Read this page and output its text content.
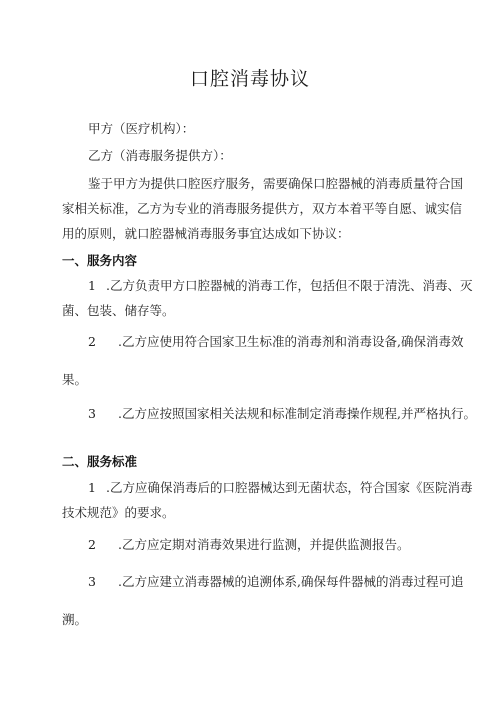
口腔消毒协议
甲方（医疗机构）：
乙方（消毒服务提供方）：
鉴于甲方为提供口腔医疗服务，需要确保口腔器械的消毒质量符合国
家相关标准，乙方为专业的消毒服务提供方，双方本着平等自愿、诚实信
用的原则，就口腔器械消毒服务事宜达成如下协议：
一、服务内容
1 .乙方负责甲方口腔器械的消毒工作，包括但不限于清洗、消毒、灭
菌、包装、储存等。
2 .乙方应使用符合国家卫生标准的消毒剂和消毒设备,确保消毒效
果。
3 .乙方应按照国家相关法规和标准制定消毒操作规程,并严格执行。
二、服务标准
1 .乙方应确保消毒后的口腔器械达到无菌状态，符合国家《医院消毒
技术规范》的要求。
2 .乙方应定期对消毒效果进行监测，并提供监测报告。
3 .乙方应建立消毒器械的追溯体系,确保每件器械的消毒过程可追
溯。
